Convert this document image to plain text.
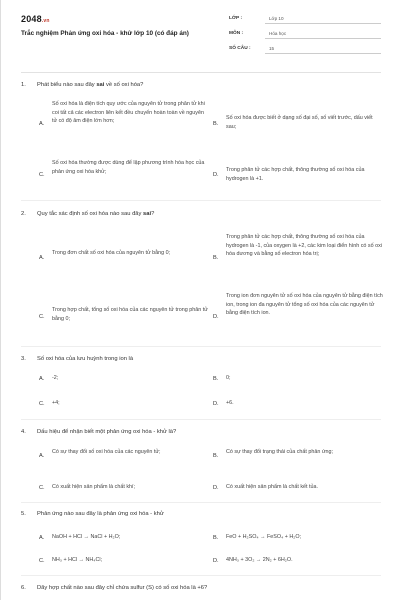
2048.vn
Trắc nghiệm Phản ứng oxi hóa - khử lớp 10 (có đáp án)
LỚP :	Lớp 10
MÔN :	Hóa học
SỐ CÂU :	15
1. Phát biểu nào sau đây sai về số oxi hóa?
A.
Số oxi hóa là điện tích quy ước của nguyên tử trong phân tử khi coi tất cả các electron liên kết đều chuyển hoàn toàn về nguyên tử có độ âm điện lớn hơn;	B.
Số oxi hóa được biết ở dạng số đại số, số viết trước, dấu viết sau;
C.
Số oxi hóa thường được dùng để lập phương trình hóa học của phản ứng oxi hóa khử;
D.
Trong phân tử các hợp chất, thông thường số oxi hóa của hydrogen là +1.
2. Quy tắc xác định số oxi hóa nào sau đây sai?
A.
Trong đơn chất số oxi hóa của nguyên tử bằng 0;
B.
Trong phân tử các hợp chất, thông thường số oxi hóa của hydrogen là -1, của oxygen là +2, các kim loại điển hình có số oxi hóa dương và bằng số electron hóa trị;
C.
Trong hợp chất, tổng số oxi hóa của các nguyên tử trong phân tử bằng 0;	D.
Trong ion đơn nguyên tử số oxi hóa của nguyên tử bằng điện tích ion, trong ion đa nguyên tử tổng số oxi hóa của các nguyên tử bằng điện tích ion.
3. Số oxi hóa của lưu huỳnh trong ion là
A. -2;	B. 0;
C. +4;	D. +6.
4. Dấu hiệu để nhận biết một phản ứng oxi hóa - khử là?
A.
Có sự thay đổi số oxi hóa của các nguyên tử;
B.
Có sự thay đổi trạng thái của chất phản ứng;
C. Có xuất hiện sản phẩm là chất khí;	D. Có xuất hiện sản phẩm là chất kết tủa.
5. Phản ứng nào sau đây là phản ứng oxi hóa - khử
A. NaOH + HCl → NaCl + H₂O;	B. FeO + H₂SO₄ → FeSO₄ + H₂O;
C. NH₃ + HCl → NH₄Cl;	D. 4NH₃ + 3O₂ → 2N₂ + 6H₂O.
6. Dãy hợp chất nào sau đây chỉ chứa sulfur (S) có số oxi hóa là +6?
